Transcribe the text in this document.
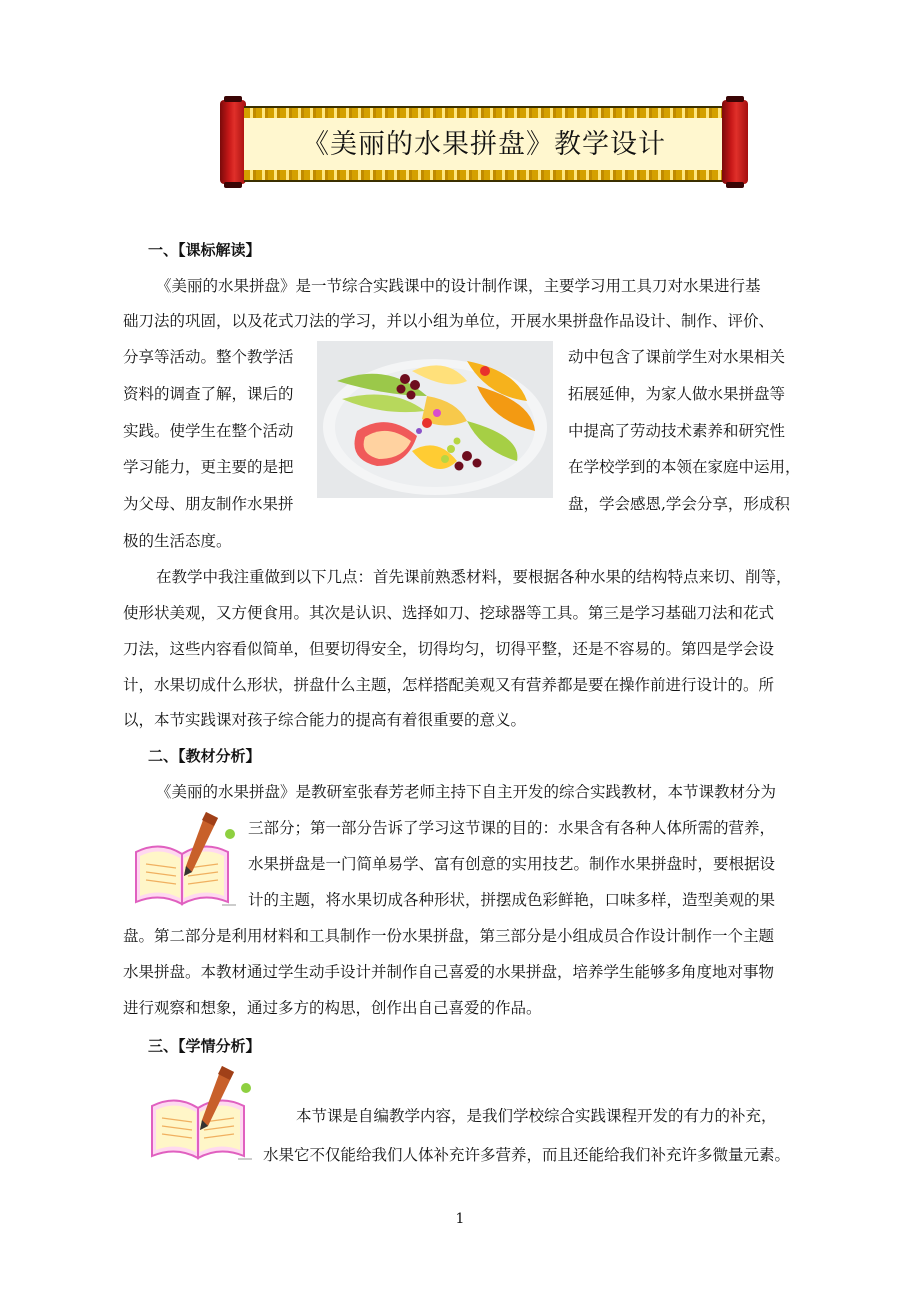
《美丽的水果拼盘》教学设计
一、【课标解读】
《美丽的水果拼盘》是一节综合实践课中的设计制作课，主要学习用工具刀对水果进行基
础刀法的巩固，以及花式刀法的学习，并以小组为单位，开展水果拼盘作品设计、制作、评价、
分享等活动。整个教学活	动中包含了课前学生对水果相关
资料的调查了解，课后的	拓展延伸，为家人做水果拼盘等
实践。使学生在整个活动	中提高了劳动技术素养和研究性
学习能力，更主要的是把	在学校学到的本领在家庭中运用，
为父母、朋友制作水果拼	盘，学会感恩,学会分享，形成积
极的生活态度。
在教学中我注重做到以下几点：首先课前熟悉材料，要根据各种水果的结构特点来切、削等，
使形状美观，又方便食用。其次是认识、选择如刀、挖球器等工具。第三是学习基础刀法和花式
刀法，这些内容看似简单，但要切得安全，切得均匀，切得平整，还是不容易的。第四是学会设
计，水果切成什么形状，拼盘什么主题，怎样搭配美观又有营养都是要在操作前进行设计的。所
以，本节实践课对孩子综合能力的提高有着很重要的意义。
二、【教材分析】
《美丽的水果拼盘》是教研室张春芳老师主持下自主开发的综合实践教材，本节课教材分为
三部分；第一部分告诉了学习这节课的目的：水果含有各种人体所需的营养，
水果拼盘是一门简单易学、富有创意的实用技艺。制作水果拼盘时，要根据设
计的主题，将水果切成各种形状，拼摆成色彩鲜艳，口味多样，造型美观的果
盘。第二部分是利用材料和工具制作一份水果拼盘，第三部分是小组成员合作设计制作一个主题
水果拼盘。本教材通过学生动手设计并制作自己喜爱的水果拼盘，培养学生能够多角度地对事物
进行观察和想象，通过多方的构思，创作出自己喜爱的作品。
三、【学情分析】
本节课是自编教学内容，是我们学校综合实践课程开发的有力的补充，
水果它不仅能给我们人体补充许多营养，而且还能给我们补充许多微量元素。
1
